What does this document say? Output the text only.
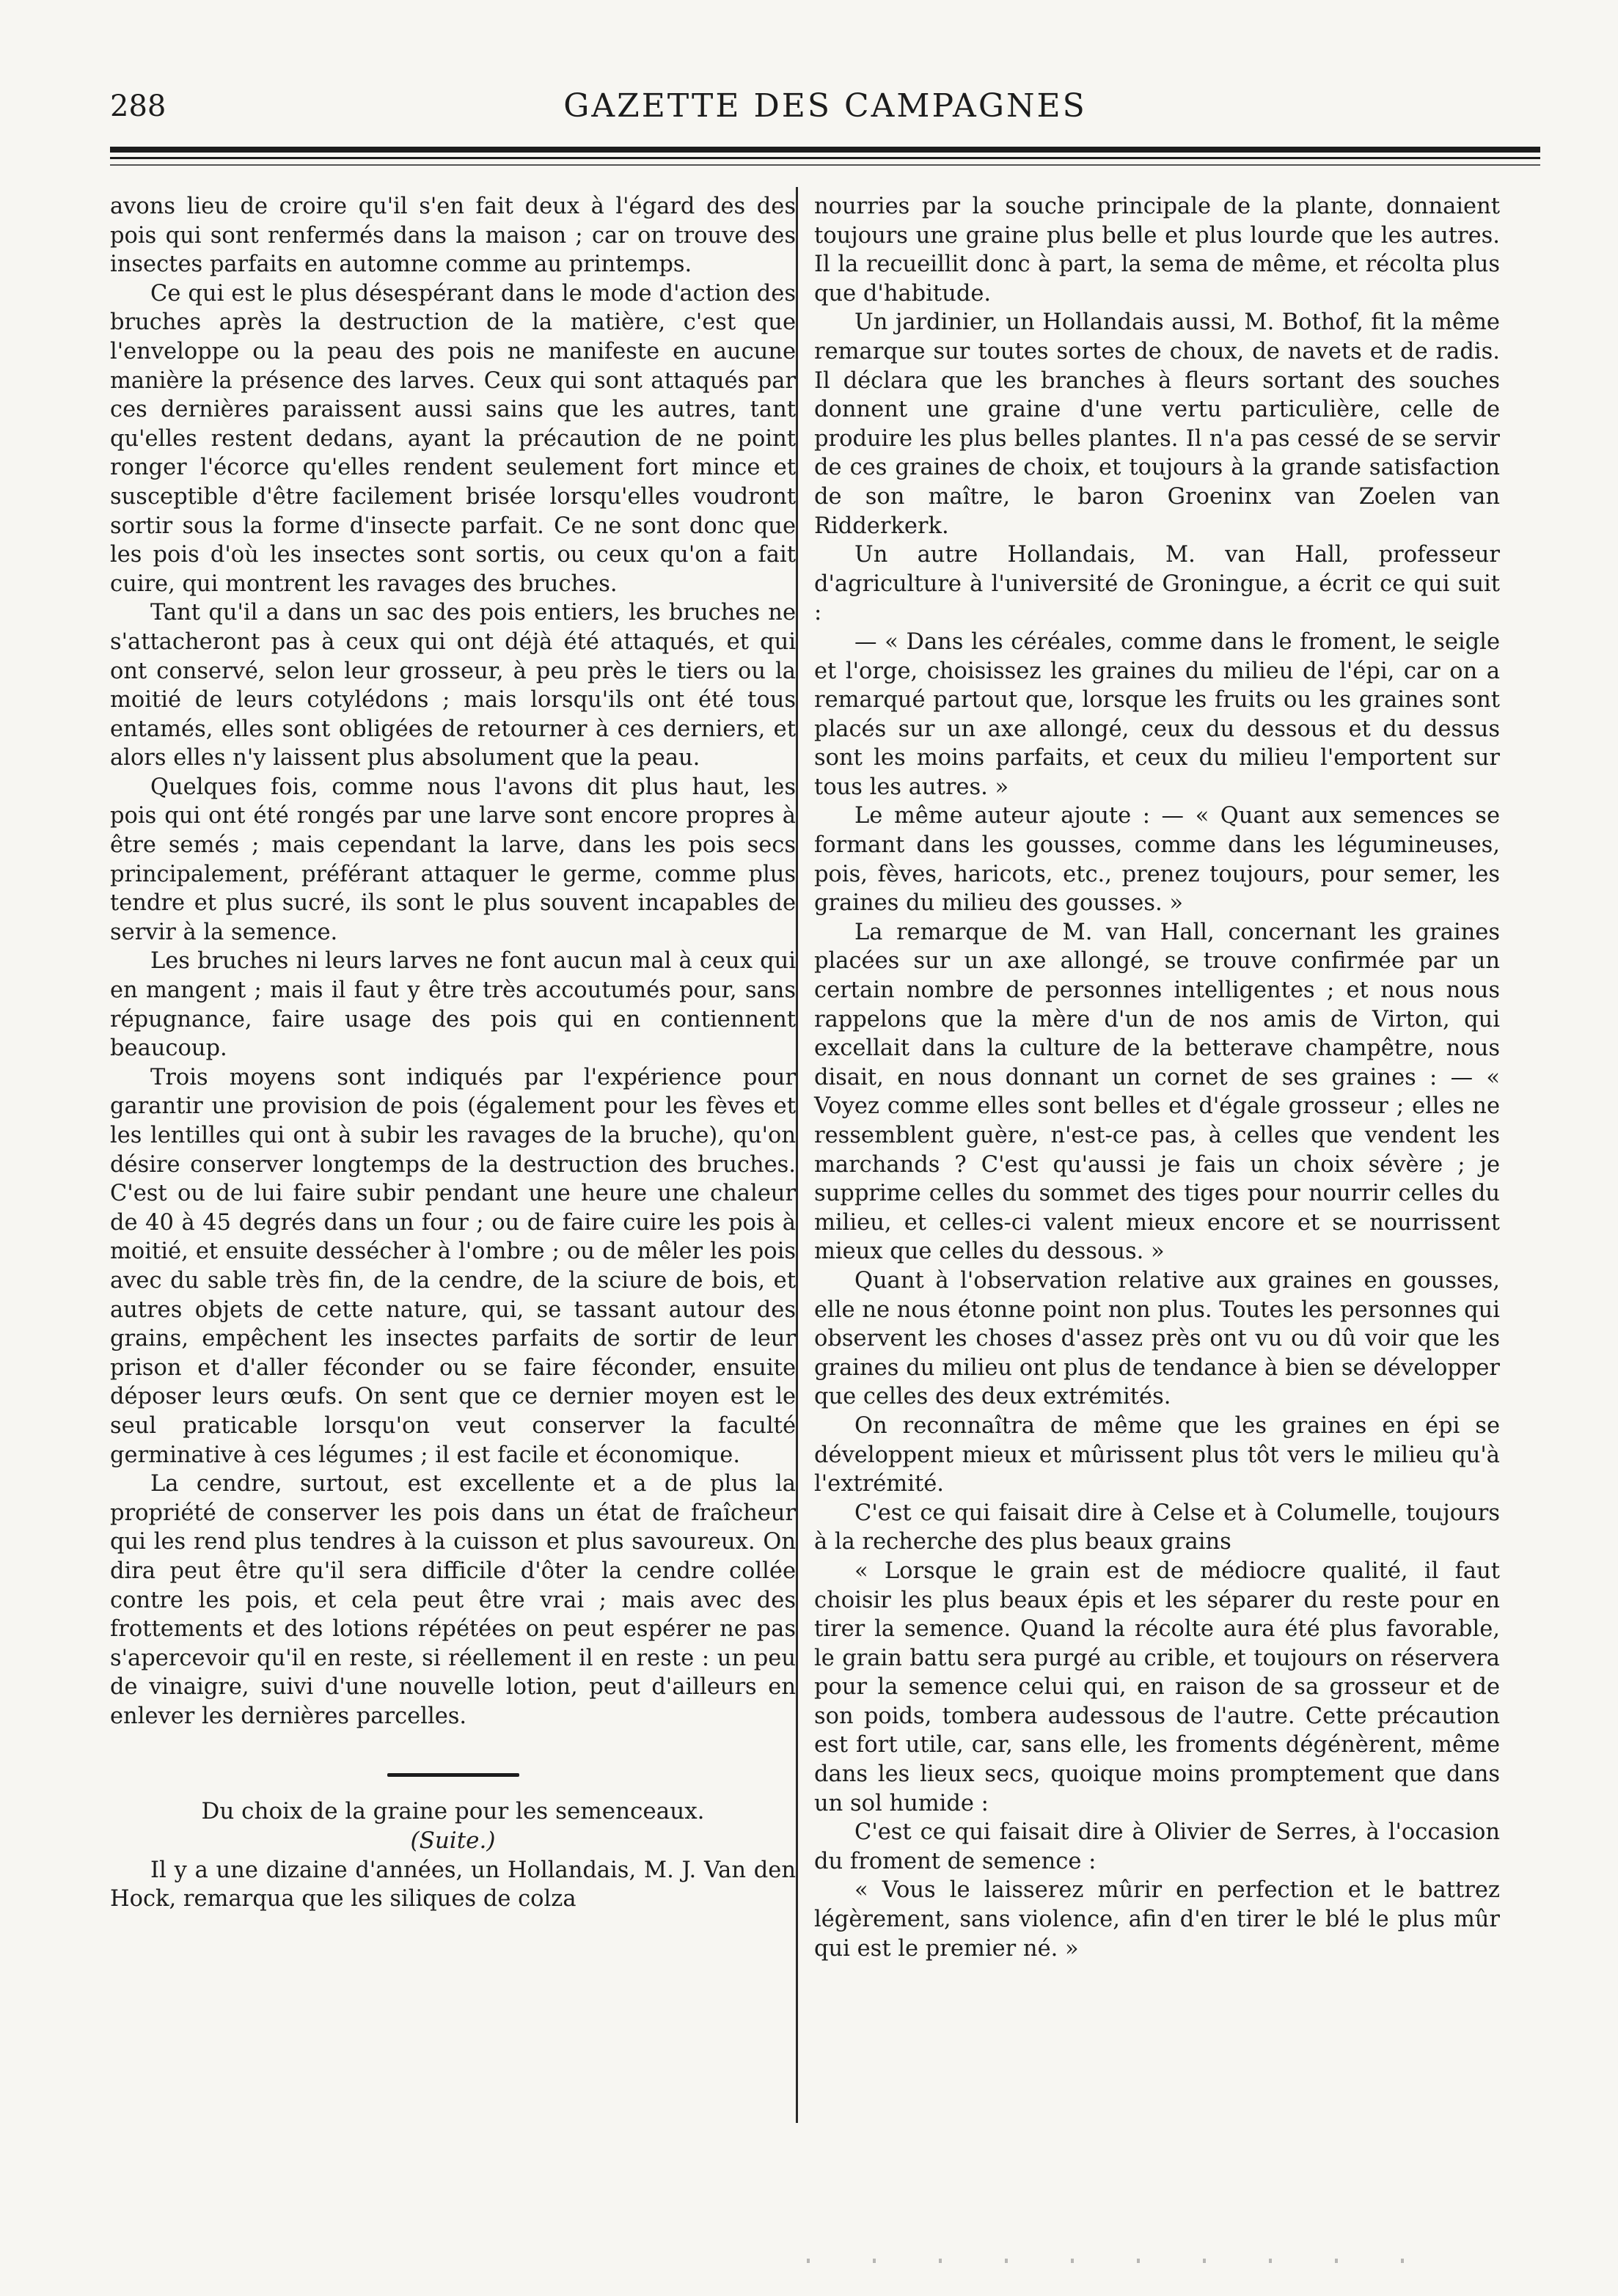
288	GAZETTE DES CAMPAGNES

avons lieu de croire qu'il s'en fait deux à l'égard des des pois qui sont renfermés dans la maison ; car on trouve des insectes parfaits en automne comme au printemps.

Ce qui est le plus désespérant dans le mode d'action des bruches après la destruction de la matière, c'est que l'enveloppe ou la peau des pois ne manifeste en aucune manière la présence des larves. Ceux qui sont attaqués par ces dernières paraissent aussi sains que les autres, tant qu'elles restent dedans, ayant la précaution de ne point ronger l'écorce qu'elles rendent seulement fort mince et susceptible d'être facilement brisée lorsqu'elles voudront sortir sous la forme d'insecte parfait. Ce ne sont donc que les pois d'où les insectes sont sortis, ou ceux qu'on a fait cuire, qui montrent les ravages des bruches.

Tant qu'il a dans un sac des pois entiers, les bruches ne s'attacheront pas à ceux qui ont déjà été attaqués, et qui ont conservé, selon leur grosseur, à peu près le tiers ou la moitié de leurs cotylédons ; mais lorsqu'ils ont été tous entamés, elles sont obligées de retourner à ces derniers, et alors elles n'y laissent plus absolument que la peau.

Quelques fois, comme nous l'avons dit plus haut, les pois qui ont été rongés par une larve sont encore propres à être semés ; mais cependant la larve, dans les pois secs principalement, préférant attaquer le germe, comme plus tendre et plus sucré, ils sont le plus souvent incapables de servir à la semence.

Les bruches ni leurs larves ne font aucun mal à ceux qui en mangent ; mais il faut y être très accoutumés pour, sans répugnance, faire usage des pois qui en contiennent beaucoup.

Trois moyens sont indiqués par l'expérience pour garantir une provision de pois (également pour les fèves et les lentilles qui ont à subir les ravages de la bruche), qu'on désire conserver longtemps de la destruction des bruches. C'est ou de lui faire subir pendant une heure une chaleur de 40 à 45 degrés dans un four ; ou de faire cuire les pois à moitié, et ensuite dessécher à l'ombre ; ou de mêler les pois avec du sable très fin, de la cendre, de la sciure de bois, et autres objets de cette nature, qui, se tassant autour des grains, empêchent les insectes parfaits de sortir de leur prison et d'aller féconder ou se faire féconder, ensuite déposer leurs œufs. On sent que ce dernier moyen est le seul praticable lorsqu'on veut conserver la faculté germinative à ces légumes ; il est facile et économique.

La cendre, surtout, est excellente et a de plus la propriété de conserver les pois dans un état de fraîcheur qui les rend plus tendres à la cuisson et plus savoureux. On dira peut être qu'il sera difficile d'ôter la cendre collée contre les pois, et cela peut être vrai ; mais avec des frottements et des lotions répétées on peut espérer ne pas s'apercevoir qu'il en reste, si réellement il en reste : un peu de vinaigre, suivi d'une nouvelle lotion, peut d'ailleurs en enlever les dernières parcelles.

Du choix de la graine pour les semenceaux.

(Suite.)

Il y a une dizaine d'années, un Hollandais, M. J. Van den Hock, remarqua que les siliques de colza

nourries par la souche principale de la plante, donnaient toujours une graine plus belle et plus lourde que les autres. Il la recueillit donc à part, la sema de même, et récolta plus que d'habitude.

Un jardinier, un Hollandais aussi, M. Bothof, fit la même remarque sur toutes sortes de choux, de navets et de radis. Il déclara que les branches à fleurs sortant des souches donnent une graine d'une vertu particulière, celle de produire les plus belles plantes. Il n'a pas cessé de se servir de ces graines de choix, et toujours à la grande satisfaction de son maître, le baron Groeninx van Zoelen van Ridderkerk.

Un autre Hollandais, M. van Hall, professeur d'agriculture à l'université de Groningue, a écrit ce qui suit :

— « Dans les céréales, comme dans le froment, le seigle et l'orge, choisissez les graines du milieu de l'épi, car on a remarqué partout que, lorsque les fruits ou les graines sont placés sur un axe allongé, ceux du dessous et du dessus sont les moins parfaits, et ceux du milieu l'emportent sur tous les autres. »

Le même auteur ajoute : — « Quant aux semences se formant dans les gousses, comme dans les légumineuses, pois, fèves, haricots, etc., prenez toujours, pour semer, les graines du milieu des gousses. »

La remarque de M. van Hall, concernant les graines placées sur un axe allongé, se trouve confirmée par un certain nombre de personnes intelligentes ; et nous nous rappelons que la mère d'un de nos amis de Virton, qui excellait dans la culture de la betterave champêtre, nous disait, en nous donnant un cornet de ses graines : — « Voyez comme elles sont belles et d'égale grosseur ; elles ne ressemblent guère, n'est-ce pas, à celles que vendent les marchands ? C'est qu'aussi je fais un choix sévère ; je supprime celles du sommet des tiges pour nourrir celles du milieu, et celles-ci valent mieux encore et se nourrissent mieux que celles du dessous. »

Quant à l'observation relative aux graines en gousses, elle ne nous étonne point non plus. Toutes les personnes qui observent les choses d'assez près ont vu ou dû voir que les graines du milieu ont plus de tendance à bien se développer que celles des deux extrémités.

On reconnaîtra de même que les graines en épi se développent mieux et mûrissent plus tôt vers le milieu qu'à l'extrémité.

C'est ce qui faisait dire à Celse et à Columelle, toujours à la recherche des plus beaux grains

« Lorsque le grain est de médiocre qualité, il faut choisir les plus beaux épis et les séparer du reste pour en tirer la semence. Quand la récolte aura été plus favorable, le grain battu sera purgé au crible, et toujours on réservera pour la semence celui qui, en raison de sa grosseur et de son poids, tombera audessous de l'autre. Cette précaution est fort utile, car, sans elle, les froments dégénèrent, même dans les lieux secs, quoique moins promptement que dans un sol humide :

C'est ce qui faisait dire à Olivier de Serres, à l'occasion du froment de semence :

« Vous le laisserez mûrir en perfection et le battrez légèrement, sans violence, afin d'en tirer le blé le plus mûr qui est le premier né. »
